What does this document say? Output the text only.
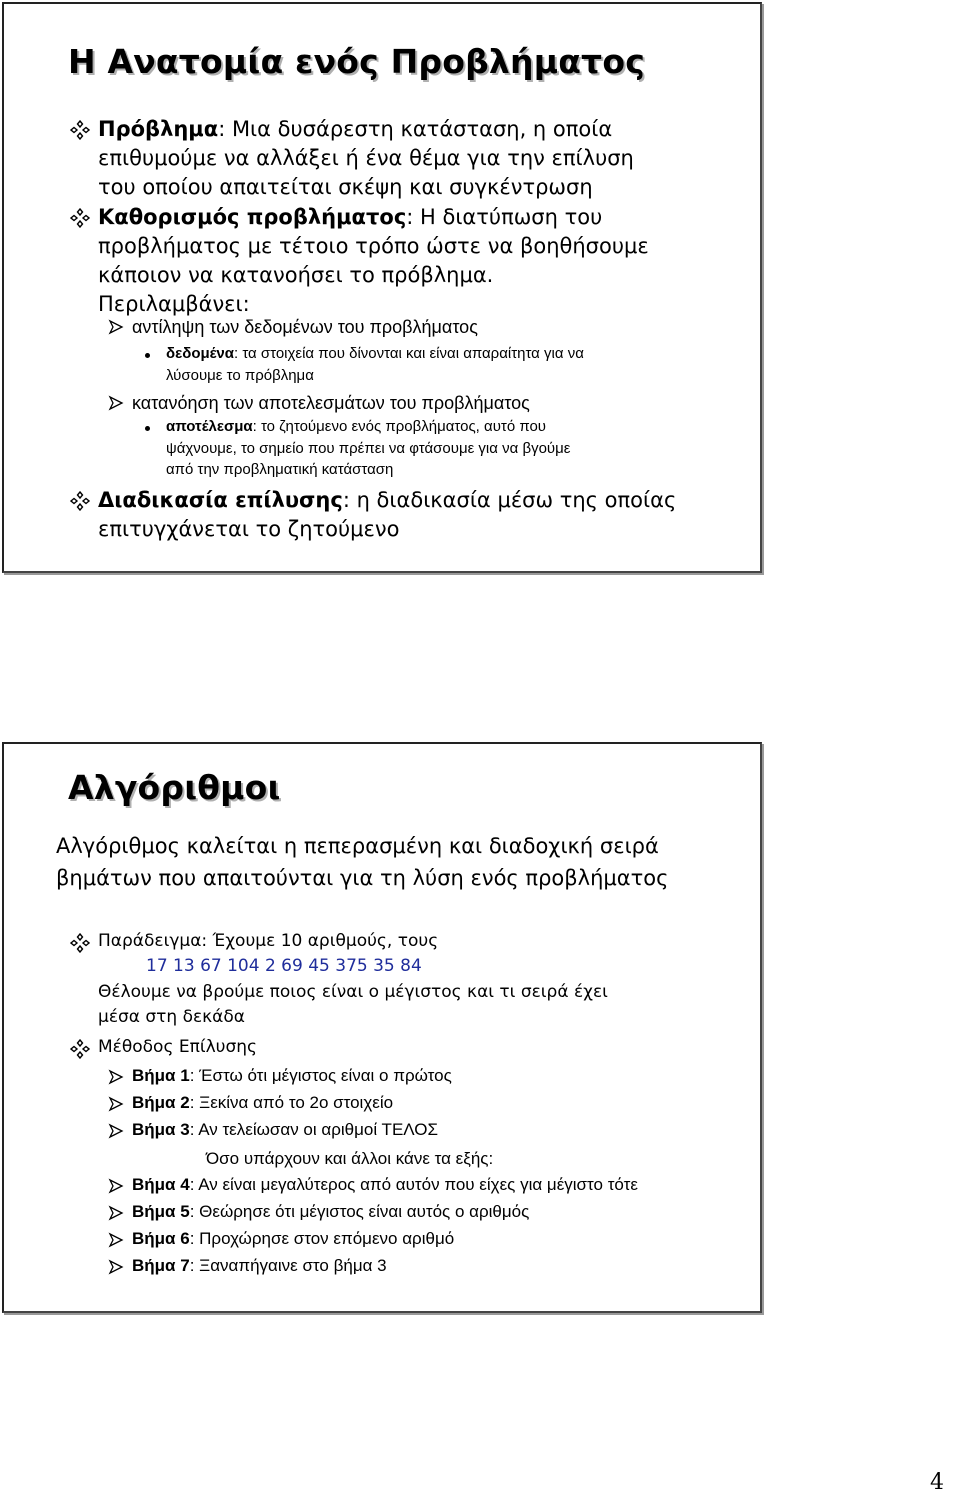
Η Ανατομία ενός Προβλήματος
Πρόβλημα: Μια δυσάρεστη κατάσταση, η οποία
επιθυμούμε να αλλάξει ή ένα θέμα για την επίλυση
του οποίου απαιτείται σκέψη και συγκέντρωση
Καθορισμός προβλήματος: Η διατύπωση του
προβλήματος με τέτοιο τρόπο ώστε να βοηθήσουμε
κάποιον να κατανοήσει το πρόβλημα.
Περιλαμβάνει:
αντίληψη των δεδομένων του προβλήματος
δεδομένα: τα στοιχεία που δίνονται και είναι απαραίτητα για να
λύσουμε το πρόβλημα
κατανόηση των αποτελεσμάτων του προβλήματος
αποτέλεσμα: το ζητούμενο ενός προβλήματος, αυτό που
ψάχνουμε, το σημείο που πρέπει να φτάσουμε για να βγούμε
από την προβληματική κατάσταση
Διαδικασία επίλυσης: η διαδικασία μέσω της οποίας
επιτυγχάνεται το ζητούμενο
Αλγόριθμοι
Αλγόριθμος καλείται η πεπερασμένη και διαδοχική σειρά
βημάτων που απαιτούνται για τη λύση ενός προβλήματος
Παράδειγμα: Έχουμε 10 αριθμούς, τους
17 13 67 104 2 69 45 375 35 84
Θέλουμε να βρούμε ποιος είναι ο μέγιστος και τι σειρά έχει
μέσα στη δεκάδα
Μέθοδος Επίλυσης
Βήμα 1: Έστω ότι μέγιστος είναι ο πρώτος
Βήμα 2: Ξεκίνα από το 2ο στοιχείο
Βήμα 3: Αν τελείωσαν οι αριθμοί ΤΕΛΟΣ
Όσο υπάρχουν και άλλοι κάνε τα εξής:
Βήμα 4: Αν είναι μεγαλύτερος από αυτόν που είχες για μέγιστο τότε
Βήμα 5: Θεώρησε ότι μέγιστος είναι αυτός ο αριθμός
Βήμα 6: Προχώρησε στον επόμενο αριθμό
Βήμα 7: Ξαναπήγαινε στο βήμα 3
4
